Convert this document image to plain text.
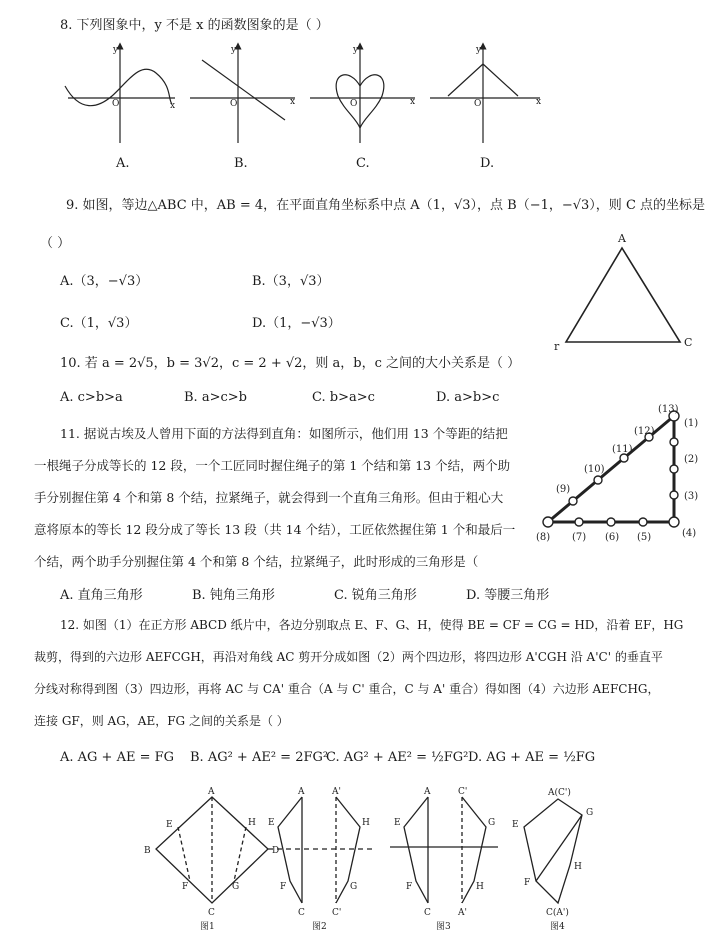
8. 下列图象中，y 不是 x 的函数图象的是（ ）
y
O	x
y
O	x
y
O	x
y
O	x
A.	B.	C.	D.
9. 如图，等边△ABC 中，AB = 4，在平面直角坐标系中点 A（1，√3），点 B（−1，−√3），则 C 点的坐标是
（ ）
A.（3，−√3）	B.（3，√3）
C.（1，√3）	D.（1，−√3）
A
r	C
10. 若 a = 2√5，b = 3√2，c = 2 + √2，则 a，b，c 之间的大小关系是（ ）
A. c>b>a	B. a>c>b	C. b>a>c	D. a>b>c
11. 据说古埃及人曾用下面的方法得到直角：如图所示，他们用 13 个等距的结把
一根绳子分成等长的 12 段，一个工匠同时握住绳子的第 1 个结和第 13 个结，两个助
手分别握住第 4 个和第 8 个结，拉紧绳子，就会得到一个直角三角形。但由于粗心大
意将原本的等长 12 段分成了等长 13 段（共 14 个结），工匠依然握住第 1 个和最后一
个结，两个助手分别握住第 4 个和第 8 个结，拉紧绳子，此时形成的三角形是（
A. 直角三角形	B. 钝角三角形	C. 锐角三角形	D. 等腰三角形
(1)
(2)
(3)
(4)
(5)
(6)
(7)
(8)
(9)
(10)
(11)
(12)
(13)
12. 如图（1）在正方形 ABCD 纸片中，各边分别取点 E、F、G、H，使得 BE = CF = CG = HD，沿着 EF，HG
裁剪，得到的六边形 AEFCGH，再沿对角线 AC 剪开分成如图（2）两个四边形，将四边形 A'CGH 沿 A'C' 的垂直平
分线对称得到图（3）四边形，再将 AC 与 CA' 重合（A 与 C' 重合，C 与 A' 重合）得如图（4）六边形 AEFCHG，
连接 GF，则 AG，AE，FG 之间的关系是（ ）
A. AG + AE = FG B. AG² + AE² = 2FG²
C. AG² + AE² = ½FG² D. AG + AE = ½FG
A
B	D
C
E	H
F	G
A	A'
E	H
F	G
C	C'
A	C'
E	G
F	H
C	A'
A(C')
G
H
F
E
C(A')
图1	图2	图3	图4
